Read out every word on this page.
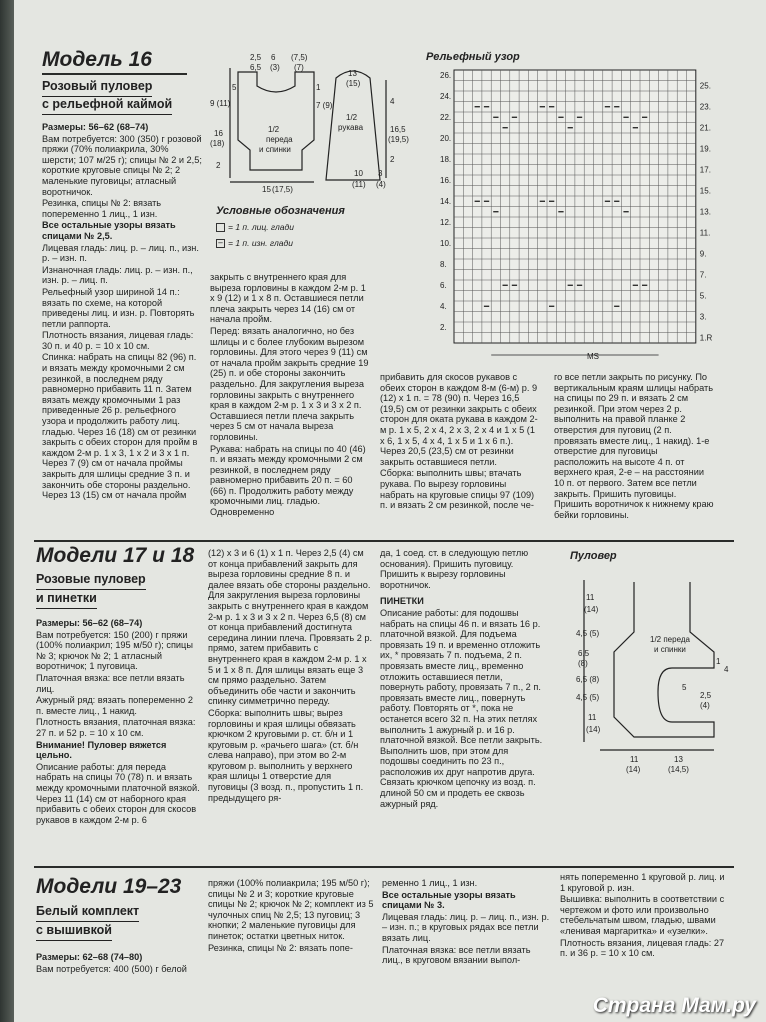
Модель 16
Розовый пуловер
с рельефной каймой

Размеры: 56–62 (68–74)

Вам потребуется: 300 (350) г розовой пряжи (70% полиакрила, 30% шерсти; 107 м/25 г); спицы № 2 и 2,5; короткие круговые спицы № 2; 2 маленькие пуговицы; атласный воротничок.

Резинка, спицы № 2: вязать попеременно 1 лиц., 1 изн.

Все остальные узоры вязать спицами № 2,5.

Лицевая гладь: лиц. р. – лиц. п., изн. р. – изн. п.

Изнаночная гладь: лиц. р. – изн. п., изн. р. – лиц. п.

Рельефный узор шириной 14 п.: вязать по схеме, на которой приведены лиц. и изн. р. Повторять петли раппорта.

Плотность вязания, лицевая гладь: 30 п. и 40 р. = 10 х 10 см.

Спинка: набрать на спицы 82 (96) п. и вязать между кромочными 2 см резинкой, в последнем ряду равномерно прибавить 11 п. Затем вязать между кромочными 1 раз приведенные 26 р. рельефного узора и продолжить работу лиц. гладью. Через 16 (18) см от резинки закрыть с обеих сторон для пройм в каждом 2-м р. 1 х 3, 1 х 2 и 3 х 1 п. Через 7 (9) см от начала проймы закрыть для шлицы средние 3 п. и закончить обе стороны раздельно. Через 13 (15) см от начала пройм

2,5 6 (7,5)
6,5 (3) (7)
5
9 (11)
16
(18)
2
1
7 (9)
1/2
переда
и спинки
15 (17,5)
1/2
рукава
13
(15)
4
16,5
(19,5)
2
10
(11)
3
(4)
Условные обозначения
= 1 п. лиц. глади
– = 1 п. изн. глади
Рельефный узор
26.
24.
22.
20.
18.
16.
14.
12.
10.
8.
6.
4.
2.
25.
23.
21.
19.
17.
15.
13.
11.
9.
7.
5.
3.
1.R
MS

закрыть с внутреннего края для выреза горловины в каждом 2-м р. 1 х 9 (12) и 1 х 8 п. Оставшиеся петли плеча закрыть через 14 (16) см от начала пройм.

Перед: вязать аналогично, но без шлицы и с более глубоким вырезом горловины. Для этого через 9 (11) см от начала пройм закрыть средние 19 (25) п. и обе стороны закончить раздельно. Для закругления выреза горловины закрыть с внутреннего края в каждом 2-м р. 1 х 3 и 3 х 2 п. Оставшиеся петли плеча закрыть через 5 см от начала выреза горловины.

Рукава: набрать на спицы по 40 (46) п. и вязать между кромочными 2 см резинкой, в последнем ряду равномерно прибавить 20 п. = 60 (66) п. Продолжить работу между кромочными лиц. гладью. Одновременно

прибавить для скосов рукавов с обеих сторон в каждом 8-м (6-м) р. 9 (12) х 1 п. = 78 (90) п. Через 16,5 (19,5) см от резинки закрыть с обеих сторон для оката рукава в каждом 2-м р. 1 х 5, 2 х 4, 2 х 3, 2 х 4 и 1 х 5 (1 х 6, 1 х 5, 4 х 4, 1 х 5 и 1 х 6 п.). Через 20,5 (23,5) см от резинки закрыть оставшиеся петли.

Сборка: выполнить швы; втачать рукава. По вырезу горловины набрать на круговые спицы 97 (109) п. и вязать 2 см резинкой, после че-

го все петли закрыть по рисунку. По вертикальным краям шлицы набрать на спицы по 29 п. и вязать 2 см резинкой. При этом через 2 р. выполнить на правой планке 2 отверстия для пуговиц (2 п. провязать вместе лиц., 1 накид). 1-е отверстие для пуговицы расположить на высоте 4 п. от верхнего края, 2-е – на расстоянии 10 п. от первого. Затем все петли закрыть. Пришить пуговицы. Пришить воротничок к нижнему краю бейки горловины.

Модели 17 и 18
Розовые пуловер
и пинетки

Размеры: 56–62 (68–74)

Вам потребуется: 150 (200) г пряжи (100% полиакрил; 195 м/50 г); спицы № 3; крючок № 2; 1 атласный воротничок; 1 пуговица.

Платочная вязка: все петли вязать лиц.

Ажурный ряд: вязать попеременно 2 п. вместе лиц., 1 накид.

Плотность вязания, платочная вязка: 27 п. и 52 р. = 10 х 10 см.

Внимание! Пуловер вяжется цельно.

Описание работы: для переда набрать на спицы 70 (78) п. и вязать между кромочными платочной вязкой. Через 11 (14) см от наборного края прибавить с обеих сторон для скосов рукавов в каждом 2-м р. 6

(12) х 3 и 6 (1) х 1 п. Через 2,5 (4) см от конца прибавлений закрыть для выреза горловины средние 8 п. и далее вязать обе стороны раздельно. Для закругления выреза горловины закрыть с внутреннего края в каждом 2-м р. 1 х 3 и 3 х 2 п. Через 6,5 (8) см от конца прибавлений достигнута середина линии плеча. Провязать 2 р. прямо, затем прибавить с внутреннего края в каждом 2-м р. 1 х 5 и 1 х 8 п. Для шлицы вязать еще 3 см прямо раздельно. Затем объединить обе части и закончить спинку симметрично переду.

Сборка: выполнить швы; вырез горловины и края шлицы обвязать крючком 2 круговыми р. ст. б/н и 1 круговым р. «рачьего шага» (ст. б/н слева направо), при этом во 2-м круговом р. выполнить у верхнего края шлицы 1 отверстие для пуговицы (3 возд. п., пропустить 1 п. предыдущего ря-

да, 1 соед. ст. в следующую петлю основания). Пришить пуговицу. Пришить к вырезу горловины воротничок.

ПИНЕТКИ

Описание работы: для подошвы набрать на спицы 46 п. и вязать 16 р. платочной вязкой. Для подъема провязать 19 п. и временно отложить их, * провязать 7 п. подъема, 2 п. провязать вместе лиц., временно отложить оставшиеся петли, повернуть работу, провязать 7 п., 2 п. провязать вместе лиц., повернуть работу. Повторять от *, пока не останется всего 32 п. На этих петлях выполнить 1 ажурный р. и 16 р. платочной вязкой. Все петли закрыть. Выполнить шов, при этом для подошвы соединить по 23 п., расположив их друг напротив друга. Связать крючком цепочку из возд. п. длиной 50 см и продеть ее сквозь ажурный ряд.

Пуловер
1/2 переда
и спинки
11
(14)
4,5 (5)
6,5
(8)
6,5 (8)
4,5 (5)
11
(14)
1
4
5
2,5
(4)
11
(14)
13
(14,5)
Модели 19–23
Белый комплект
с вышивкой

Размеры: 62–68 (74–80)

Вам потребуется: 400 (500) г белой

пряжи (100% полиакрила; 195 м/50 г); спицы № 2 и 3; короткие круговые спицы № 2; крючок № 2; комплект из 5 чулочных спиц № 2,5; 13 пуговиц; 3 кнопки; 2 маленькие пуговицы для пинеток; остатки цветных ниток.

Резинка, спицы № 2: вязать попе-

ременно 1 лиц., 1 изн.

Все остальные узоры вязать спицами № 3.

Лицевая гладь: лиц. р. – лиц. п., изн. р. – изн. п.; в круговых рядах все петли вязать лиц.

Платочная вязка: все петли вязать лиц., в круговом вязании выпол-

нять попеременно 1 круговой р. лиц. и 1 круговой р. изн.

Вышивка: выполнить в соответствии с чертежом и фото или произвольно стебельчатым швом, гладью, швами «ленивая маргаритка» и «узелки».

Плотность вязания, лицевая гладь: 27 п. и 36 р. = 10 х 10 см.

Страна Мам.ру
